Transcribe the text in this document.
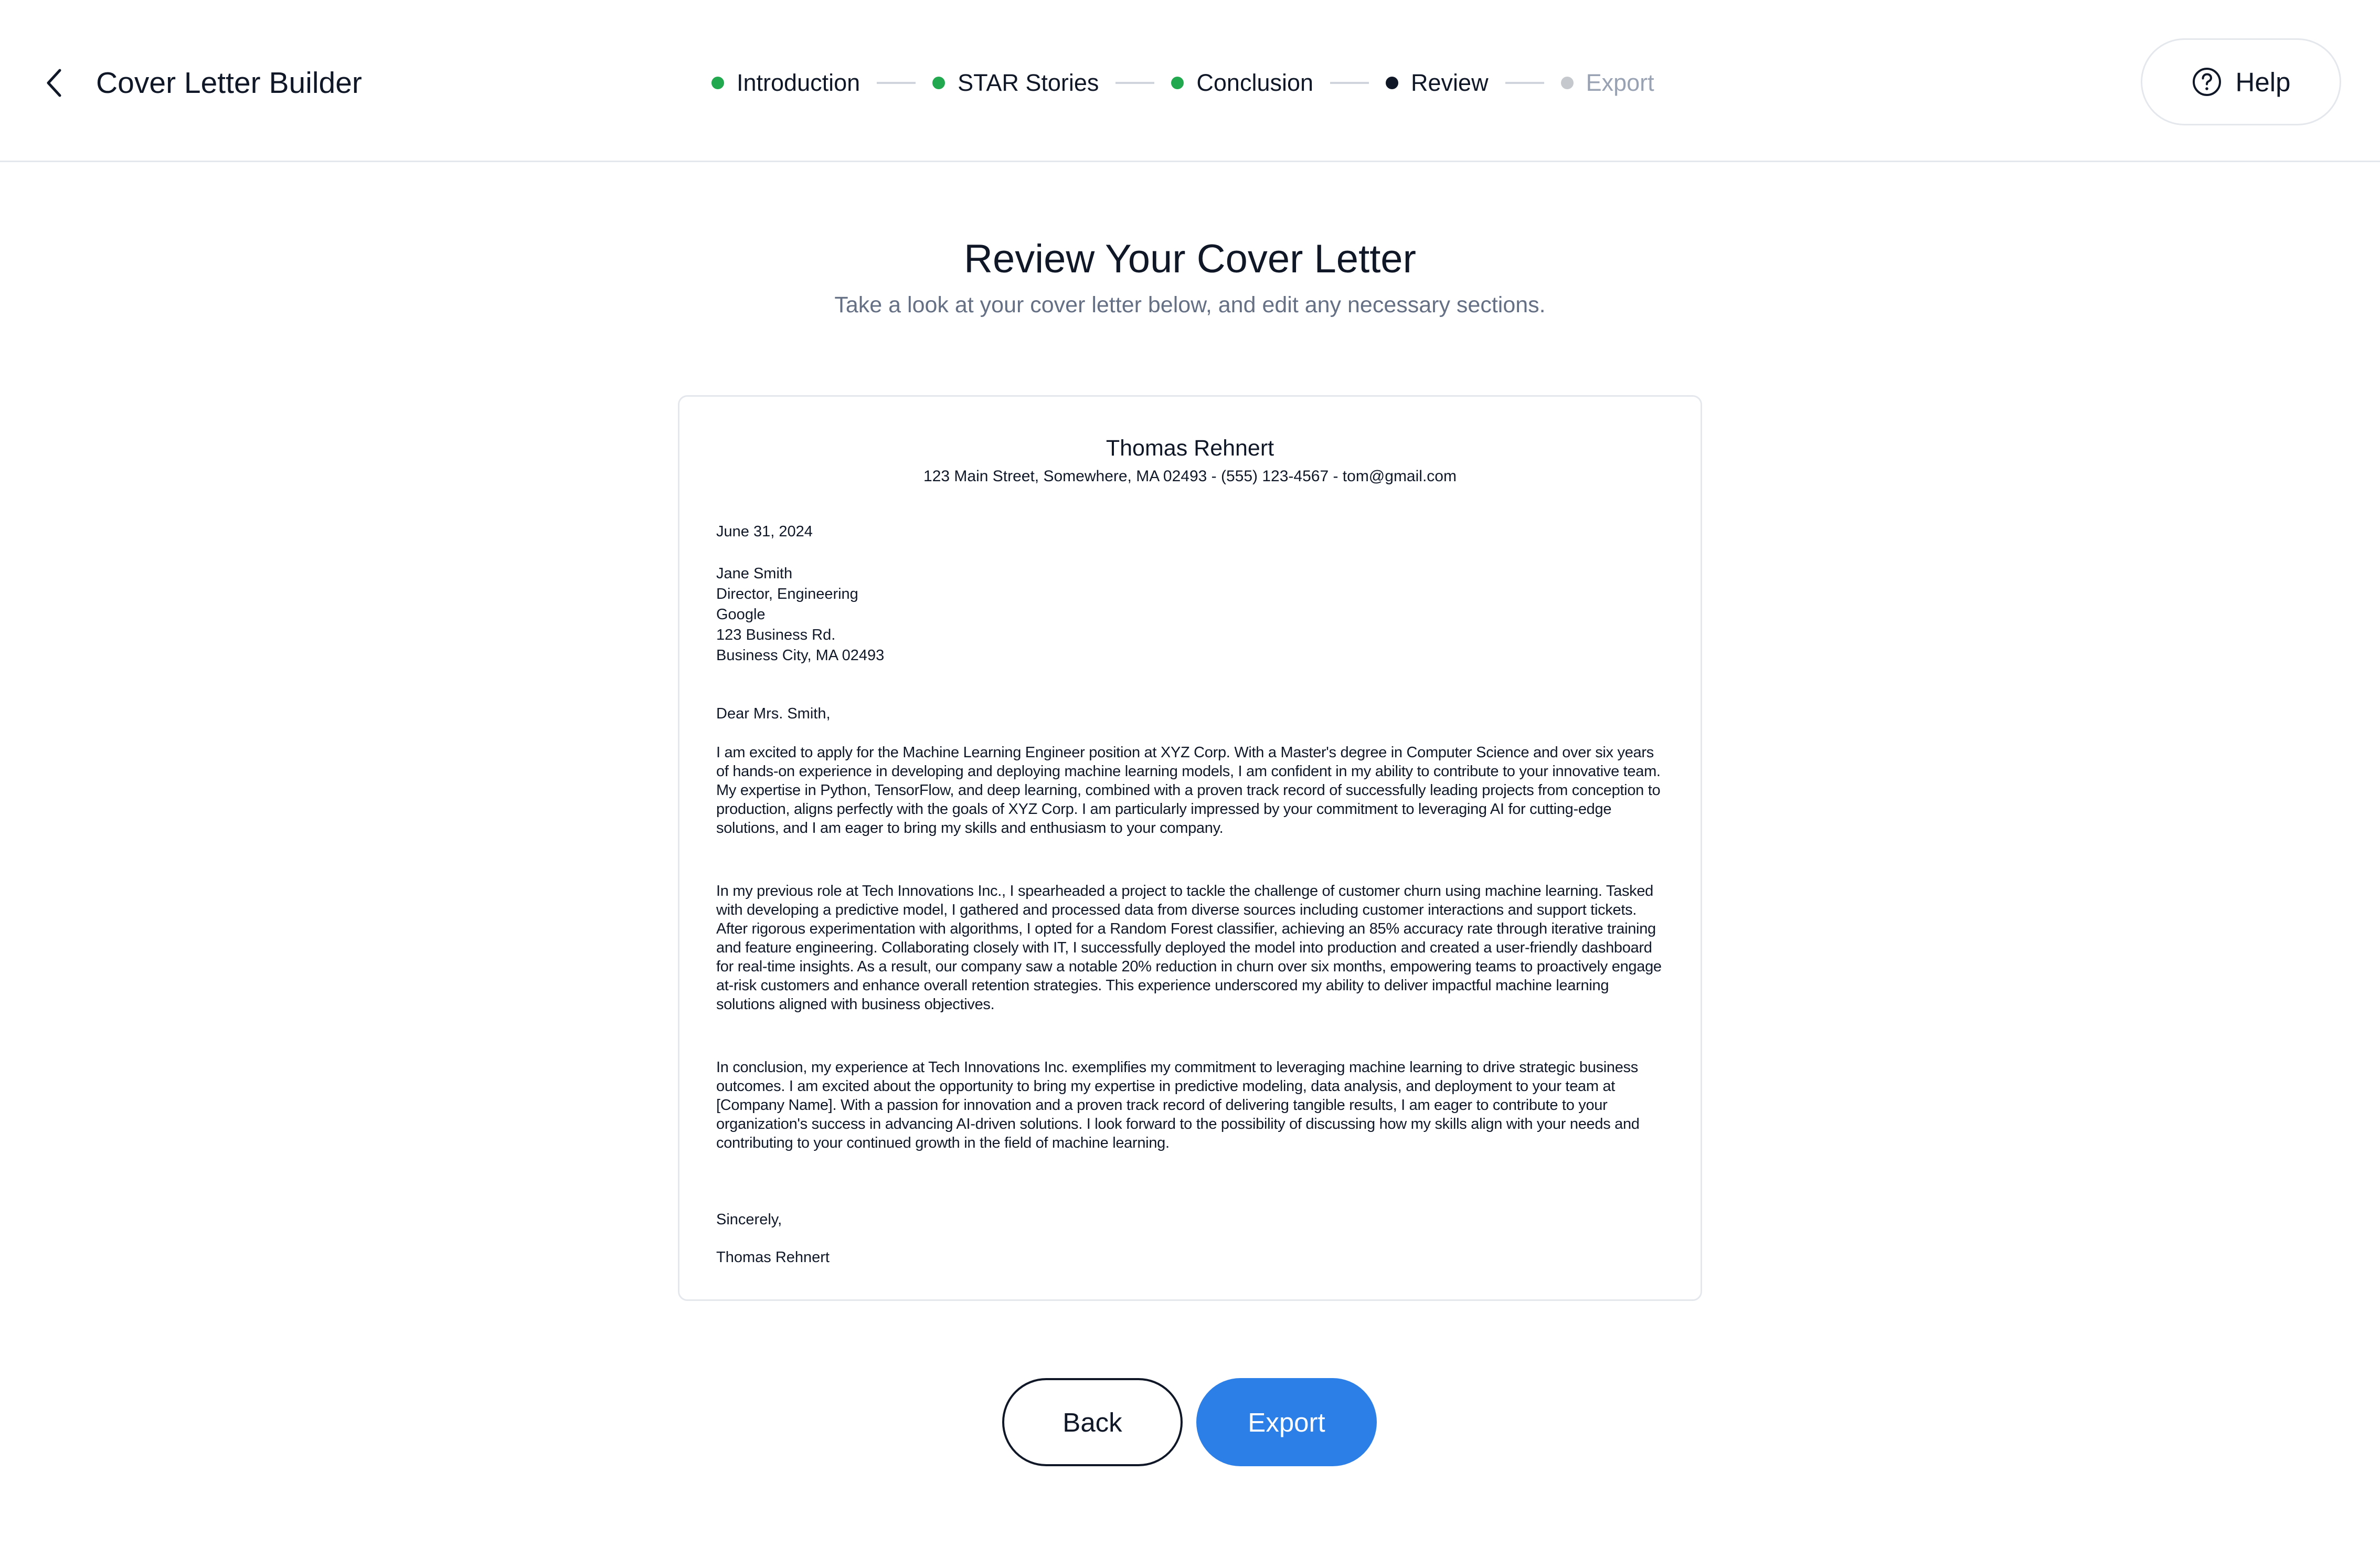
Cover Letter Builder	Introduction	STAR Stories	Conclusion	Review	Export	Help
Review Your Cover Letter
Take a look at your cover letter below, and edit any necessary sections.
Thomas Rehnert
123 Main Street, Somewhere, MA 02493 - (555) 123-4567 - tom@gmail.com
June 31, 2024
Jane Smith
Director, Engineering
Google
123 Business Rd.
Business City, MA 02493
Dear Mrs. Smith,
I am excited to apply for the Machine Learning Engineer position at XYZ Corp. With a Master's degree in Computer Science and over six years of hands-on experience in developing and deploying machine learning models, I am confident in my ability to contribute to your innovative team. My expertise in Python, TensorFlow, and deep learning, combined with a proven track record of successfully leading projects from conception to production, aligns perfectly with the goals of XYZ Corp. I am particularly impressed by your commitment to leveraging AI for cutting-edge solutions, and I am eager to bring my skills and enthusiasm to your company.
In my previous role at Tech Innovations Inc., I spearheaded a project to tackle the challenge of customer churn using machine learning. Tasked with developing a predictive model, I gathered and processed data from diverse sources including customer interactions and support tickets. After rigorous experimentation with algorithms, I opted for a Random Forest classifier, achieving an 85% accuracy rate through iterative training and feature engineering. Collaborating closely with IT, I successfully deployed the model into production and created a user-friendly dashboard for real-time insights. As a result, our company saw a notable 20% reduction in churn over six months, empowering teams to proactively engage at-risk customers and enhance overall retention strategies. This experience underscored my ability to deliver impactful machine learning solutions aligned with business objectives.
In conclusion, my experience at Tech Innovations Inc. exemplifies my commitment to leveraging machine learning to drive strategic business outcomes. I am excited about the opportunity to bring my expertise in predictive modeling, data analysis, and deployment to your team at [Company Name]. With a passion for innovation and a proven track record of delivering tangible results, I am eager to contribute to your organization's success in advancing AI-driven solutions. I look forward to the possibility of discussing how my skills align with your needs and contributing to your continued growth in the field of machine learning.
Sincerely,
Thomas Rehnert
Back	Export
